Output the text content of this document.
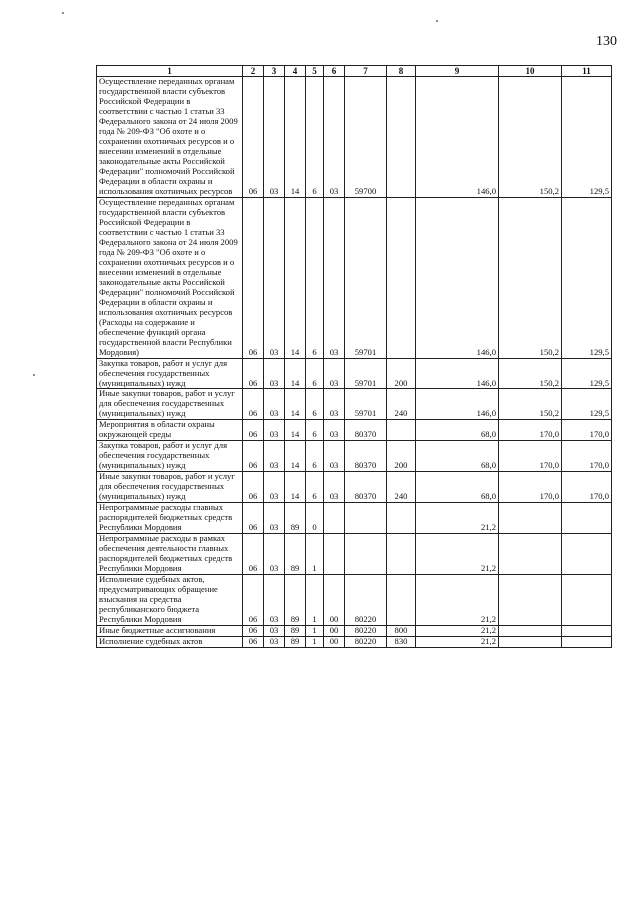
130
1	2	3	4	5	6	7	8	9	10	11
Осуществление переданных органам государственной власти субъектов Российской Федерации в соответствии с частью 1 статьи 33 Федерального закона от 24 июля 2009 года № 209-ФЗ "Об охоте и о сохранении охотничьих ресурсов и о внесении изменений в отдельные законодательные акты Российской Федерации" полномочий Российской Федерации в области охраны и использования охотничьих ресурсов	06	03	14	6	03	59700		146,0	150,2	129,5
Осуществление переданных органам государственной власти субъектов Российской Федерации в соответствии с частью 1 статьи 33 Федерального закона от 24 июля 2009 года № 209-ФЗ "Об охоте и о сохранении охотничьих ресурсов и о внесении изменений в отдельные законодательные акты Российской Федерации" полномочий Российской Федерации в области охраны и использования охотничьих ресурсов (Расходы на содержание и обеспечение функций органа государственной власти Республики Мордовия)	06	03	14	6	03	59701		146,0	150,2	129,5
Закупка товаров, работ и услуг для обеспечения государственных (муниципальных) нужд	06	03	14	6	03	59701	200	146,0	150,2	129,5
Иные закупки товаров, работ и услуг для обеспечения государственных (муниципальных) нужд	06	03	14	6	03	59701	240	146,0	150,2	129,5
Мероприятия в области охраны окружающей среды	06	03	14	6	03	80370		68,0	170,0	170,0
Закупка товаров, работ и услуг для обеспечения государственных (муниципальных) нужд	06	03	14	6	03	80370	200	68,0	170,0	170,0
Иные закупки товаров, работ и услуг для обеспечения государственных (муниципальных) нужд	06	03	14	6	03	80370	240	68,0	170,0	170,0
Непрограммные расходы главных распорядителей бюджетных средств Республики Мордовия	06	03	89	0				21,2		
Непрограммные расходы в рамках обеспечения деятельности главных распорядителей бюджетных средств Республики Мордовия	06	03	89	1				21,2		
Исполнение судебных актов, предусматривающих обращение взыскания на средства республиканского бюджета Республики Мордовия	06	03	89	1	00	80220		21,2		
Иные бюджетные ассигнования	06	03	89	1	00	80220	800	21,2		
Исполнение судебных актов	06	03	89	1	00	80220	830	21,2		
